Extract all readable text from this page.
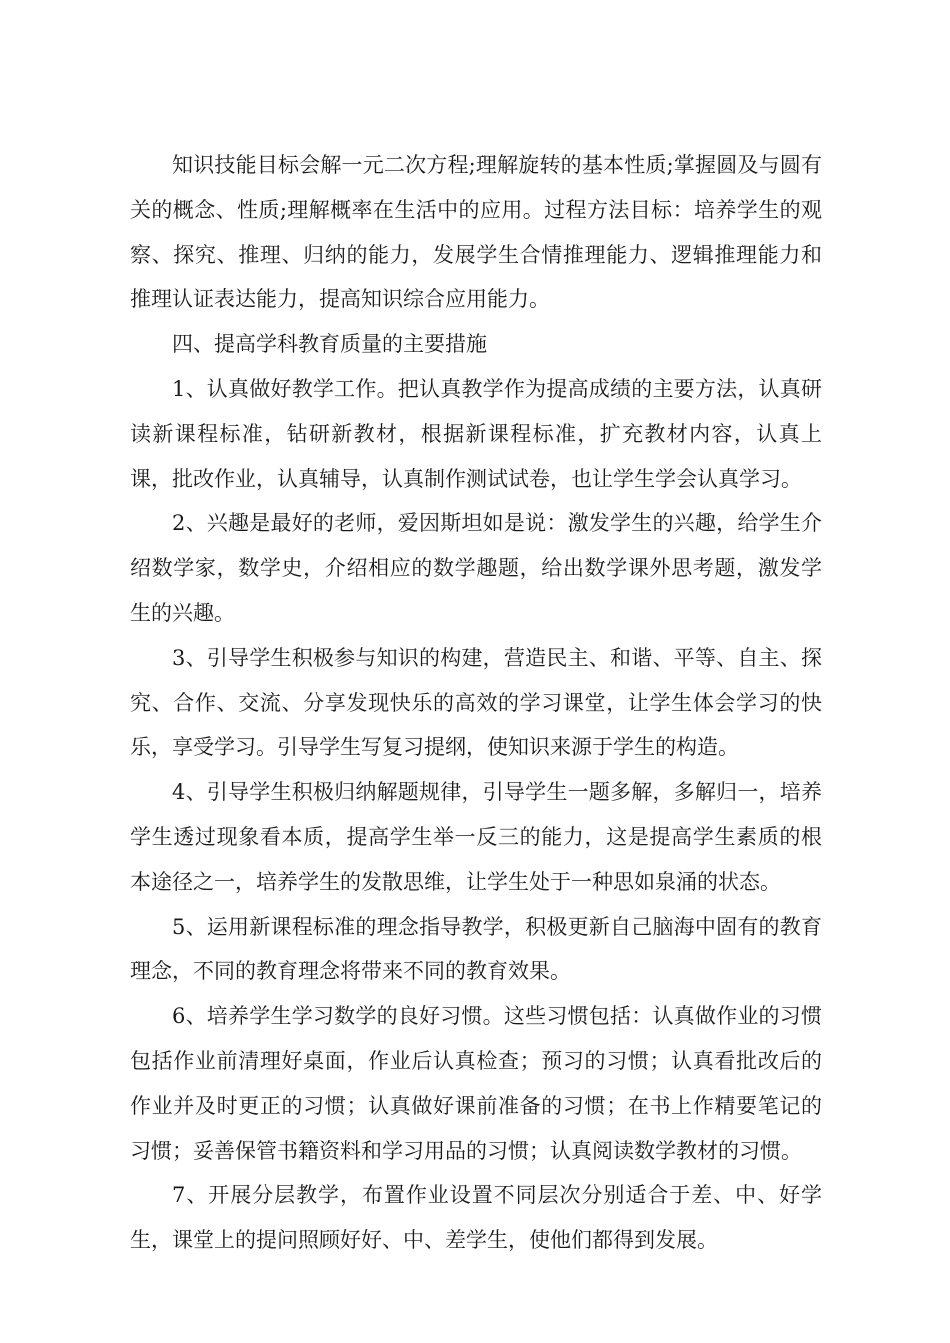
知识技能目标会解一元二次方程;理解旋转的基本性质;掌握圆及与圆有关的概念、性质;理解概率在生活中的应用。过程方法目标：培养学生的观察、探究、推理、归纳的能力，发展学生合情推理能力、逻辑推理能力和推理认证表达能力，提高知识综合应用能力。

四、提高学科教育质量的主要措施

1、认真做好教学工作。把认真教学作为提高成绩的主要方法，认真研读新课程标准，钻研新教材，根据新课程标准，扩充教材内容，认真上课，批改作业，认真辅导，认真制作测试试卷，也让学生学会认真学习。

2、兴趣是最好的老师，爱因斯坦如是说：激发学生的兴趣，给学生介绍数学家，数学史，介绍相应的数学趣题，给出数学课外思考题，激发学生的兴趣。

3、引导学生积极参与知识的构建，营造民主、和谐、平等、自主、探究、合作、交流、分享发现快乐的高效的学习课堂，让学生体会学习的快乐，享受学习。引导学生写复习提纲，使知识来源于学生的构造。

4、引导学生积极归纳解题规律，引导学生一题多解，多解归一，培养学生透过现象看本质，提高学生举一反三的能力，这是提高学生素质的根本途径之一，培养学生的发散思维，让学生处于一种思如泉涌的状态。

5、运用新课程标准的理念指导教学，积极更新自己脑海中固有的教育理念，不同的教育理念将带来不同的教育效果。

6、培养学生学习数学的良好习惯。这些习惯包括：认真做作业的习惯包括作业前清理好桌面，作业后认真检查；预习的习惯；认真看批改后的作业并及时更正的习惯；认真做好课前准备的习惯；在书上作精要笔记的习惯；妥善保管书籍资料和学习用品的习惯；认真阅读数学教材的习惯。

7、开展分层教学，布置作业设置不同层次分别适合于差、中、好学生，课堂上的提问照顾好好、中、差学生，使他们都得到发展。
